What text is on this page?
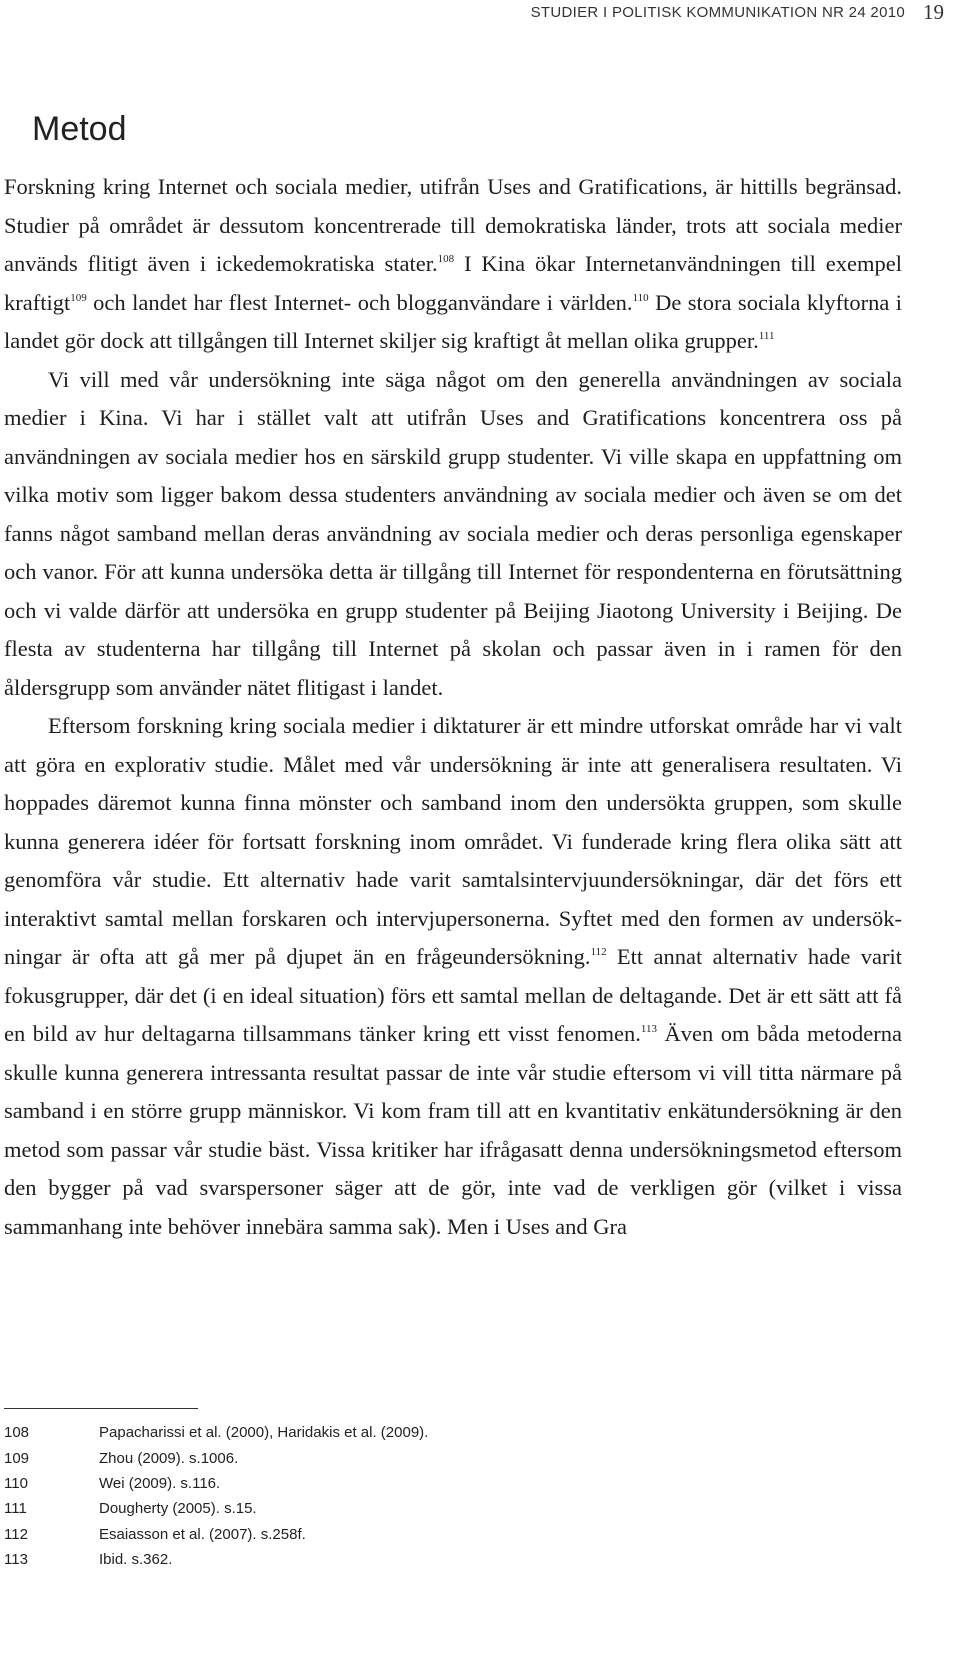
STUDIER I POLITISK KOMMUNIKATION NR 24 2010 19
Metod

Forskning kring Internet och sociala medier, utifrån Uses and Gratifications, är hittills begränsad. Studier på området är dessutom koncentrerade till demokratiska länder, trots att sociala medier används flitigt även i ickedemokratiska stater.$^{108}$ I Kina ökar Internetanvändningen till exempel kraftigt$^{109}$ och landet har flest Internet- och blogganvändare i världen.$^{110}$ De stora sociala klyftorna i landet gör dock att tillgången till Internet skiljer sig kraftigt åt mellan olika grupper.$^{111}$

Vi vill med vår undersökning inte säga något om den generella användningen av sociala medier i Kina. Vi har i stället valt att utifrån Uses and Gratifications koncentrera oss på användningen av sociala medier hos en särskild grupp studenter. Vi ville skapa en uppfattning om vilka motiv som ligger bakom dessa studenters användning av sociala medier och även se om det fanns något samband mellan deras användning av sociala medier och deras personliga egenskaper och vanor. För att kunna undersöka detta är tillgång till Internet för respondenterna en förutsättning och vi valde därför att undersöka en grupp studenter på Beijing Jiaotong University i Beijing. De flesta av studenterna har tillgång till Internet på skolan och passar även in i ramen för den åldersgrupp som använder nätet flitigast i landet.

Eftersom forskning kring sociala medier i diktaturer är ett mindre utforskat område har vi valt att göra en explorativ studie. Målet med vår undersökning är inte att generalisera resultaten. Vi hoppades däremot kunna finna mönster och samband inom den undersökta gruppen, som skulle kunna generera idéer för fortsatt forskning inom området. Vi funderade kring flera olika sätt att genomföra vår studie. Ett alternativ hade varit samtalsintervjuundersökningar, där det förs ett interaktivt samtal mellan forskaren och intervjupersonerna. Syftet med den formen av undersökningar är ofta att gå mer på djupet än en frågeundersökning.$^{112}$ Ett annat alternativ hade varit fokusgrupper, där det (i en ideal situation) förs ett samtal mellan de deltagande. Det är ett sätt att få en bild av hur deltagarna tillsammans tänker kring ett visst fenomen.$^{113}$ Även om båda metoderna skulle kunna generera intressanta resultat passar de inte vår studie eftersom vi vill titta närmare på samband i en större grupp människor. Vi kom fram till att en kvantitativ enkätundersökning är den metod som passar vår studie bäst. Vissa kritiker har ifrågasatt denna undersökningsmetod eftersom den bygger på vad svarspersoner säger att de gör, inte vad de verkligen gör (vilket i vissa sammanhang inte behöver innebära samma sak). Men i Uses and Gra

108	Papacharissi et al. (2000), Haridakis et al. (2009).
109	Zhou (2009). s.1006.
110	Wei (2009). s.116.
111	Dougherty (2005). s.15.
112	Esaiasson et al. (2007). s.258f.
113	Ibid. s.362.
